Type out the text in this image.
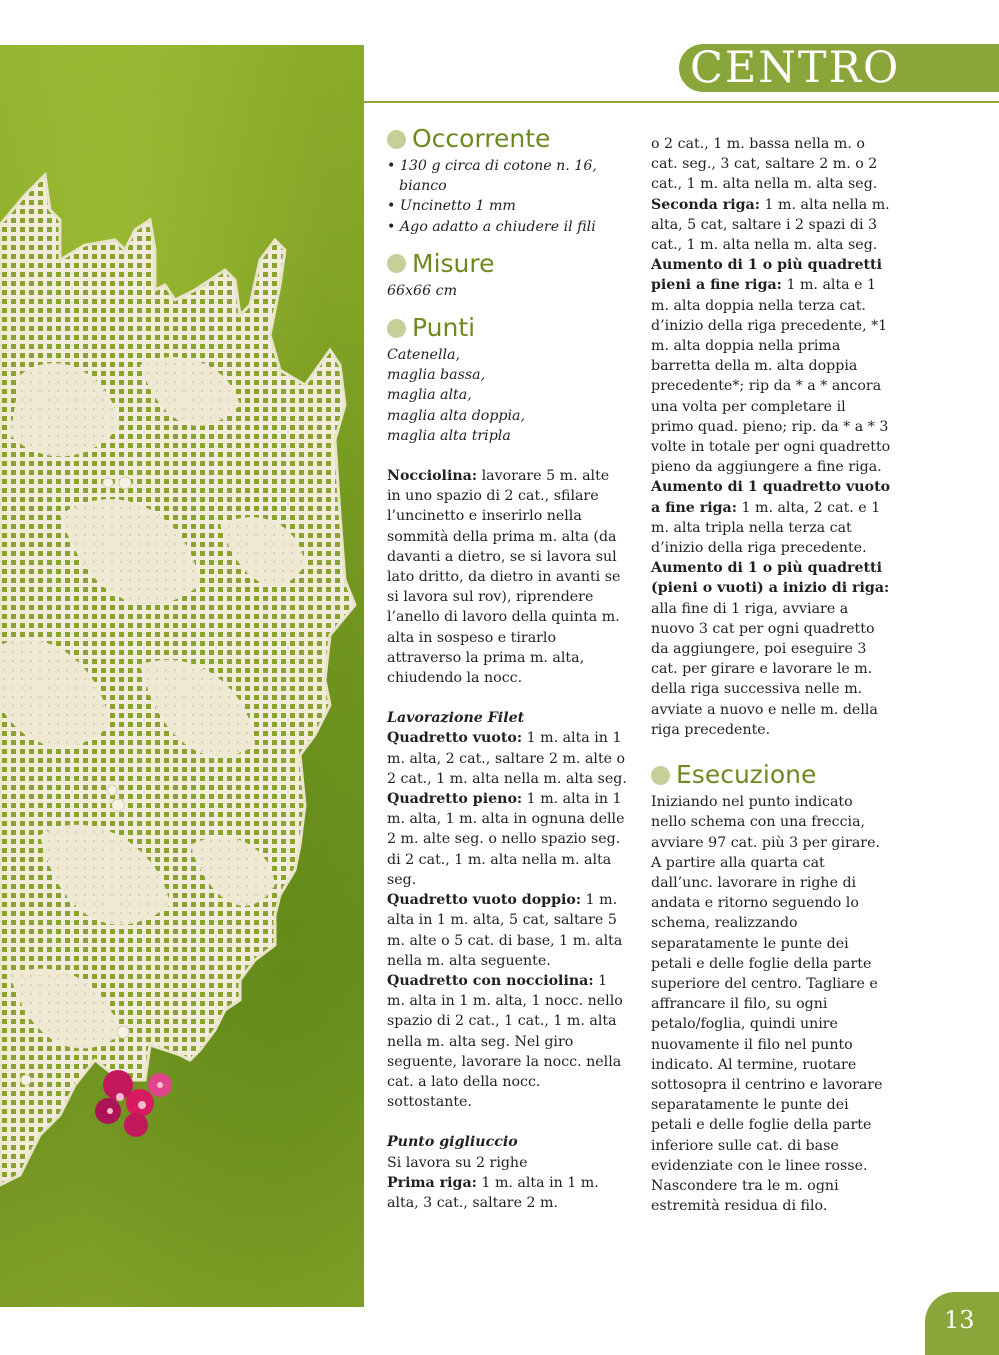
CENTRO
Occorrente

• 130 g circa di cotone n. 16, bianco

• Uncinetto 1 mm

• Ago adatto a chiudere il fili

Misure

66x66 cm

Punti

Catenella,

maglia bassa,

maglia alta,

maglia alta doppia,

maglia alta tripla

Nocciolina: lavorare 5 m. alte in uno spazio di 2 cat., sfilare l’uncinetto e inserirlo nella sommità della prima m. alta (da davanti a dietro, se si lavora sul lato dritto, da dietro in avanti se si lavora sul rov), riprendere l’anello di lavoro della quinta m. alta in sospeso e tirarlo attraverso la prima m. alta, chiudendo la nocc.

Lavorazione Filet

Quadretto vuoto: 1 m. alta in 1 m. alta, 2 cat., saltare 2 m. alte o 2 cat., 1 m. alta nella m. alta seg.

Quadretto pieno: 1 m. alta in 1 m. alta, 1 m. alta in ognuna delle 2 m. alte seg. o nello spazio seg. di 2 cat., 1 m. alta nella m. alta seg.

Quadretto vuoto doppio: 1 m. alta in 1 m. alta, 5 cat, saltare 5 m. alte o 5 cat. di base, 1 m. alta nella m. alta seguente.

Quadretto con nocciolina: 1 m. alta in 1 m. alta, 1 nocc. nello spazio di 2 cat., 1 cat., 1 m. alta nella m. alta seg. Nel giro seguente, lavorare la nocc. nella cat. a lato della nocc. sottostante.

Punto gigliuccio

Si lavora su 2 righe

Prima riga: 1 m. alta in 1 m. alta, 3 cat., saltare 2 m.

o 2 cat., 1 m. bassa nella m. o cat. seg., 3 cat, saltare 2 m. o 2 cat., 1 m. alta nella m. alta seg.

Seconda riga: 1 m. alta nella m. alta, 5 cat, saltare i 2 spazi di 3 cat., 1 m. alta nella m. alta seg.

Aumento di 1 o più quadretti pieni a fine riga: 1 m. alta e 1 m. alta doppia nella terza cat. d’inizio della riga precedente, *1 m. alta doppia nella prima barretta della m. alta doppia precedente*; rip da * a * ancora una volta per completare il primo quad. pieno; rip. da * a * 3 volte in totale per ogni quadretto pieno da aggiungere a fine riga.

Aumento di 1 quadretto vuoto a fine riga: 1 m. alta, 2 cat. e 1 m. alta tripla nella terza cat d’inizio della riga precedente.

Aumento di 1 o più quadretti (pieni o vuoti) a inizio di riga: alla fine di 1 riga, avviare a nuovo 3 cat per ogni quadretto da aggiungere, poi eseguire 3 cat. per girare e lavorare le m. della riga successiva nelle m. avviate a nuovo e nelle m. della riga precedente.

Esecuzione

Iniziando nel punto indicato nello schema con una freccia, avviare 97 cat. più 3 per girare. A partire alla quarta cat dall’unc. lavorare in righe di andata e ritorno seguendo lo schema, realizzando separatamente le punte dei petali e delle foglie della parte superiore del centro. Tagliare e affrancare il filo, su ogni petalo/foglia, quindi unire nuovamente il filo nel punto indicato. Al termine, ruotare sottosopra il centrino e lavorare separatamente le punte dei petali e delle foglie della parte inferiore sulle cat. di base evidenziate con le linee rosse. Nascondere tra le m. ogni estremità residua di filo.

13
